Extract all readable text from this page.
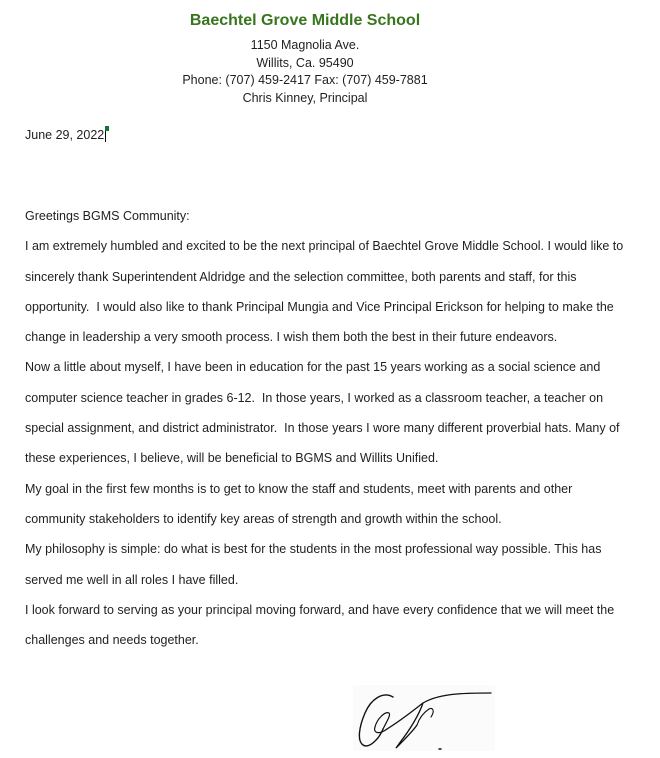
Baechtel Grove Middle School
1150 Magnolia Ave.
Willits, Ca. 95490
Phone: (707) 459-2417 Fax: (707) 459-7881
Chris Kinney, Principal
June 29, 2022

Greetings BGMS Community:

I am extremely humbled and excited to be the next principal of Baechtel Grove Middle School. I would like to sincerely thank Superintendent Aldridge and the selection committee, both parents and staff, for this opportunity.  I would also like to thank Principal Mungia and Vice Principal Erickson for helping to make the change in leadership a very smooth process. I wish them both the best in their future endeavors.

Now a little about myself, I have been in education for the past 15 years working as a social science and computer science teacher in grades 6-12.  In those years, I worked as a classroom teacher, a teacher on special assignment, and district administrator.  In those years I wore many different proverbial hats. Many of these experiences, I believe, will be beneficial to BGMS and Willits Unified.

My goal in the first few months is to get to know the staff and students, meet with parents and other community stakeholders to identify key areas of strength and growth within the school.

My philosophy is simple: do what is best for the students in the most professional way possible. This has served me well in all roles I have filled.

I look forward to serving as your principal moving forward, and have every confidence that we will meet the challenges and needs together.
